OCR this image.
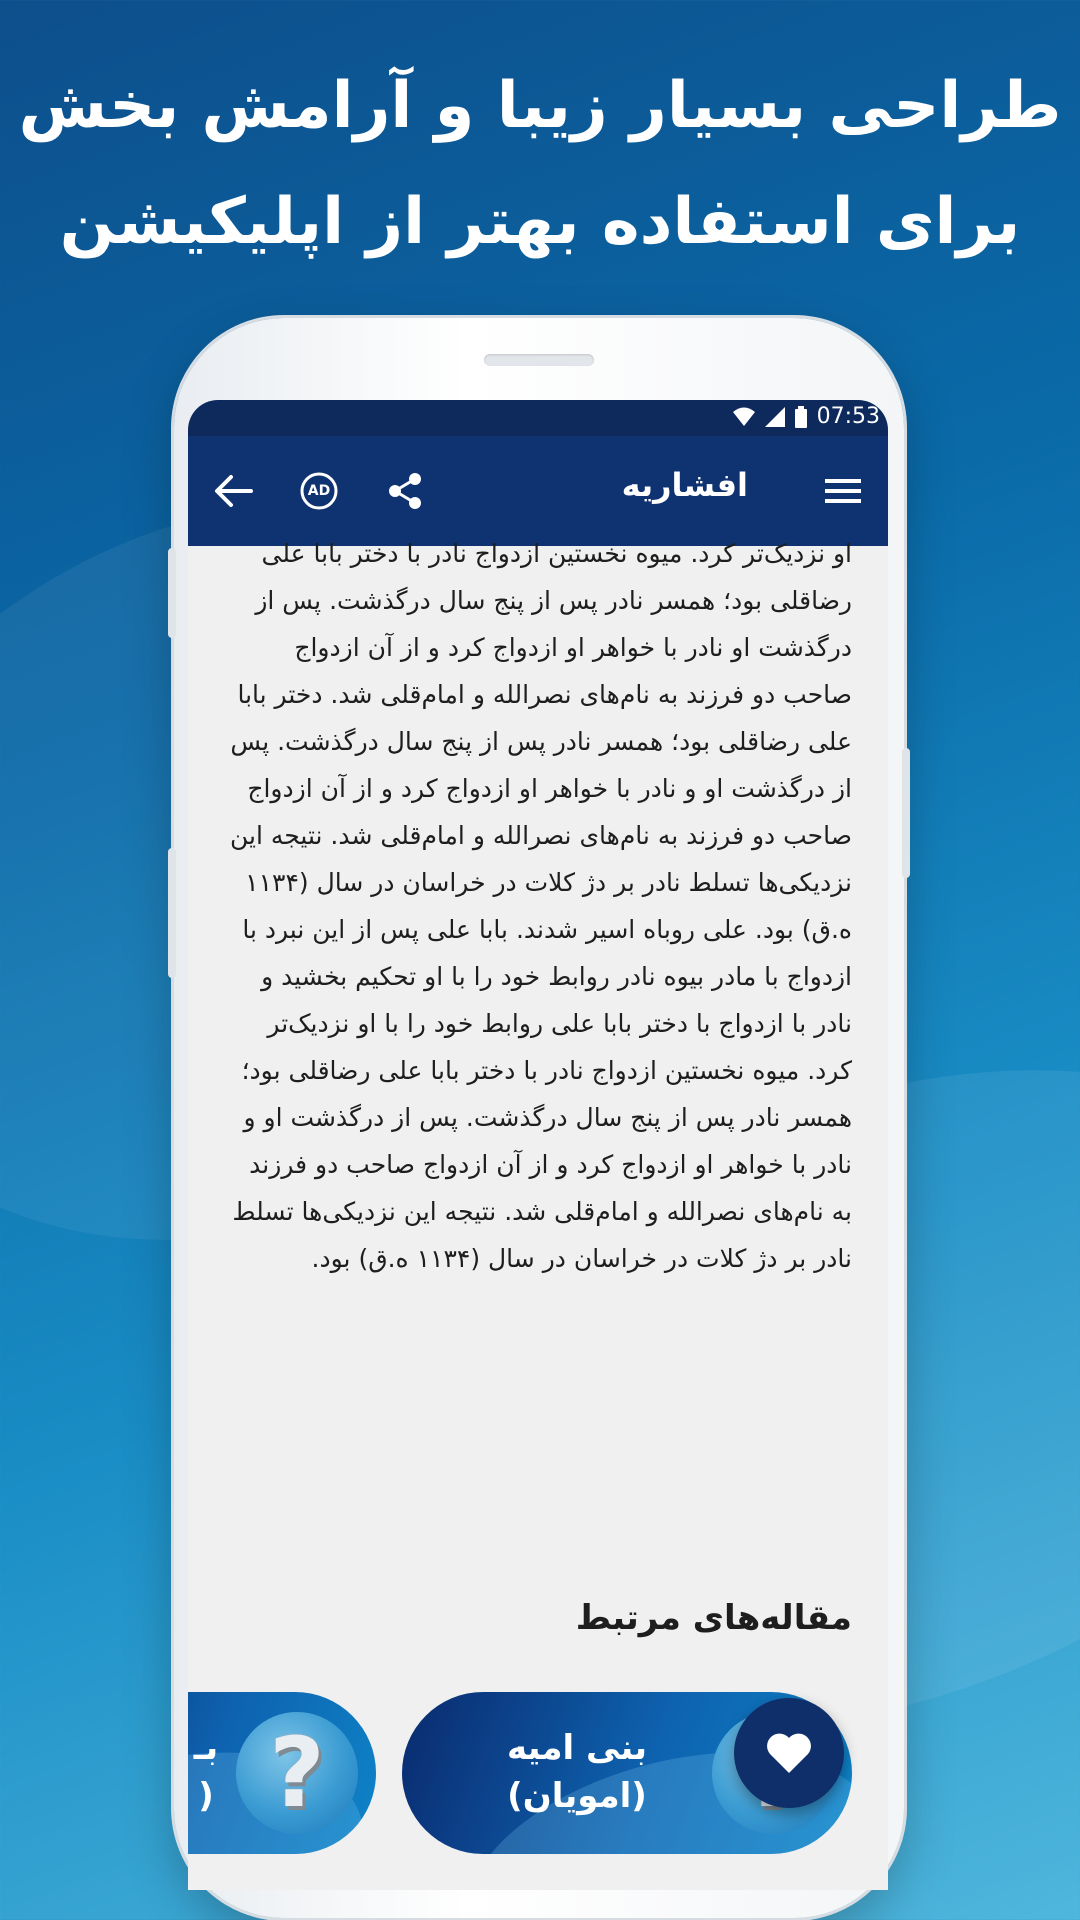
طراحی بسیار زیبا و آرامش بخش
برای استفاده بهتر از اپلیکیشن
07:53
AD	افشاریه
او نزدیک‌تر کرد. میوه نخستین ازدواج نادر با دختر بابا علی رضاقلی بود؛ همسر نادر پس از پنج سال درگذشت. پس از درگذشت او نادر با خواهر او ازدواج کرد و از آن ازدواج صاحب دو فرزند به نام‌های نصرالله و امام‌قلی شد. دختر بابا علی رضاقلی بود؛ همسر نادر پس از پنج سال درگذشت. پس از درگذشت او و نادر با خواهر او ازدواج کرد و از آن ازدواج صاحب دو فرزند به نام‌های نصرالله و امام‌قلی شد. نتیجه این نزدیکی‌ها تسلط نادر بر دژ کلات در خراسان در سال (۱۱۳۴ ه.ق) بود. علی روباه اسیر شدند. بابا علی پس از این نبرد با ازدواج با مادر بیوه نادر روابط خود را با او تحکیم بخشید و نادر با ازدواج با دختر بابا علی روابط خود را با او نزدیک‌تر کرد. میوه نخستین ازدواج نادر با دختر بابا علی رضاقلی بود؛ همسر نادر پس از پنج سال درگذشت. پس از درگذشت او و نادر با خواهر او ازدواج کرد و از آن ازدواج صاحب دو فرزند به نام‌های نصرالله و امام‌قلی شد. نتیجه این نزدیکی‌ها تسلط نادر بر دژ کلات در خراسان در سال (۱۱۳۴ ه.ق) بود.
مقاله‌های مرتبط
بنی امیه
(امویان)
?
بـ
(
